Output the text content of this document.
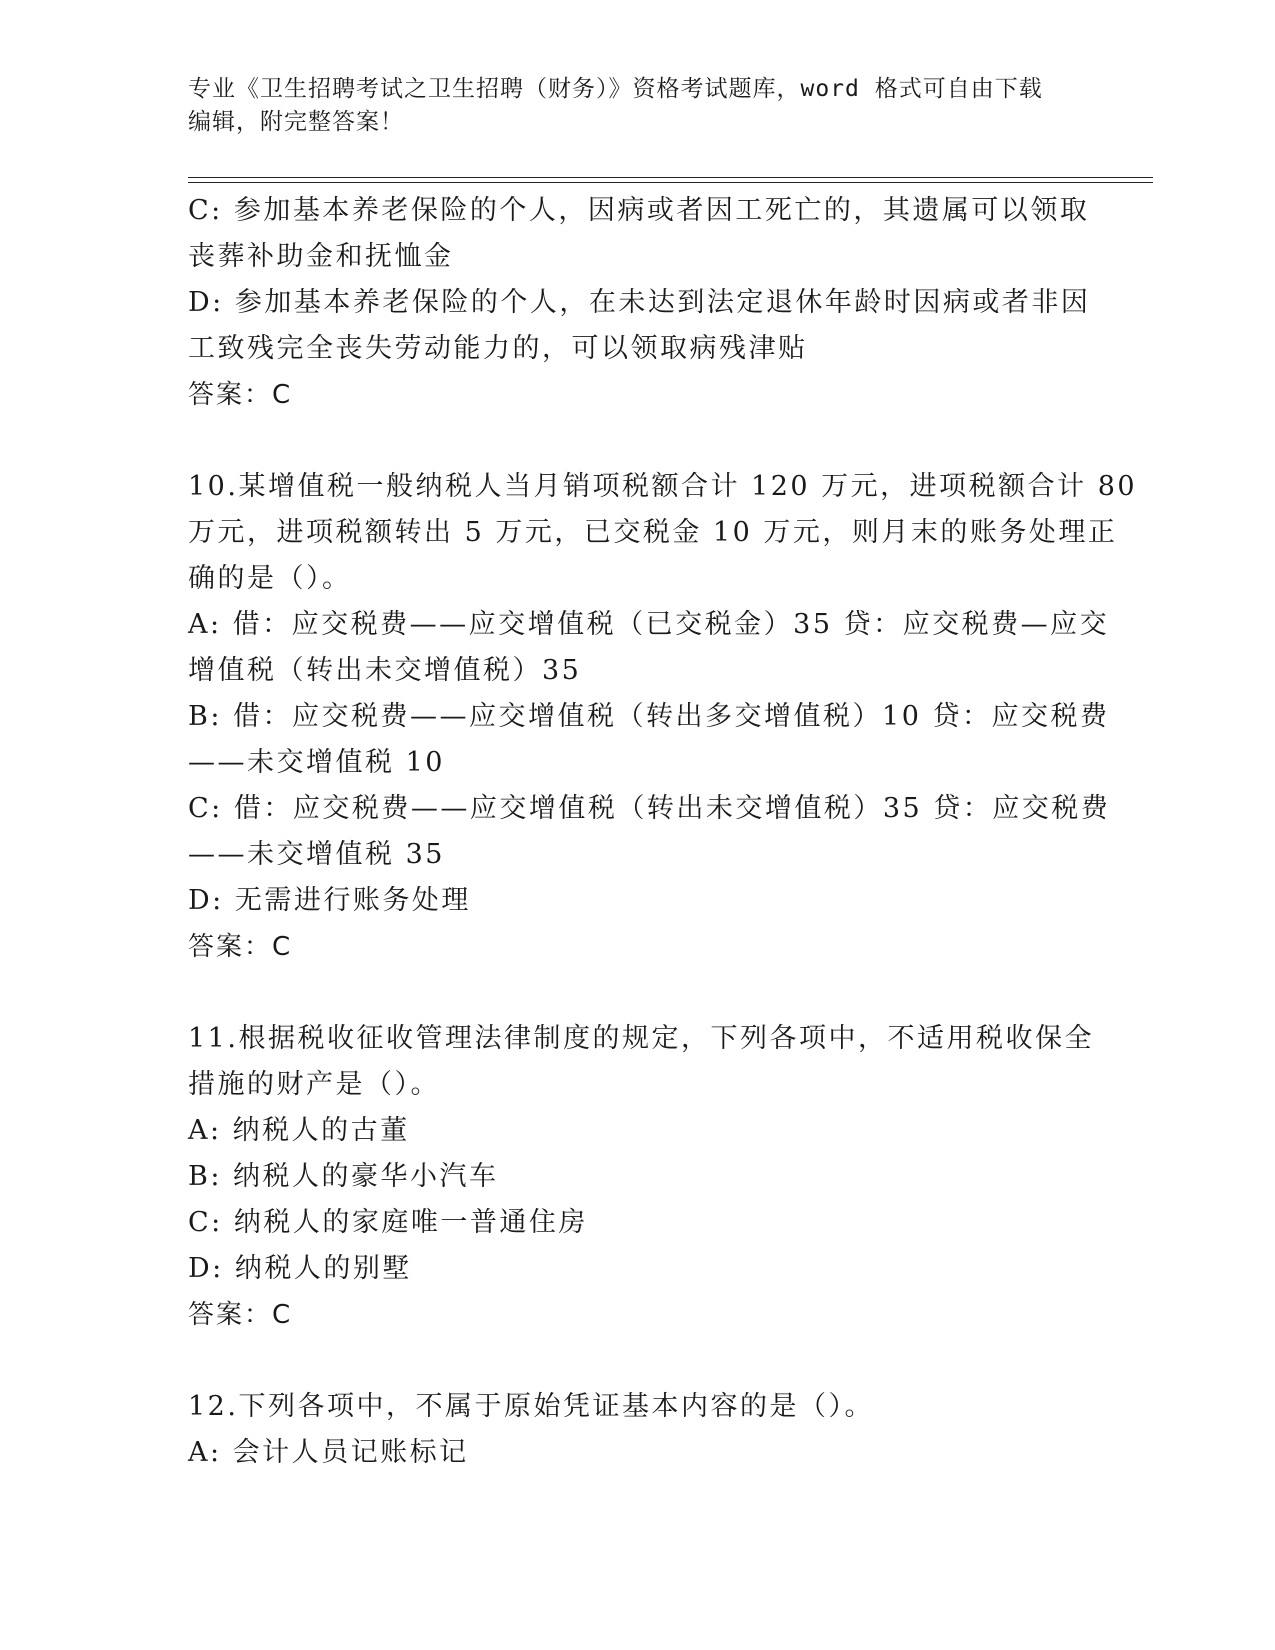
专业《卫生招聘考试之卫生招聘（财务）》资格考试题库，word 格式可自由下载
编辑，附完整答案！
C: 参加基本养老保险的个人，因病或者因工死亡的，其遗属可以领取
丧葬补助金和抚恤金
D: 参加基本养老保险的个人，在未达到法定退休年龄时因病或者非因
工致残完全丧失劳动能力的，可以领取病残津贴
答案：C
10.某增值税一般纳税人当月销项税额合计 120 万元，进项税额合计 80
万元，进项税额转出 5 万元，已交税金 10 万元，则月末的账务处理正
确的是（）。
A: 借：应交税费——应交增值税（已交税金）35 贷：应交税费—应交
增值税（转出未交增值税）35
B: 借：应交税费——应交增值税（转出多交增值税）10 贷：应交税费
——未交增值税 10
C: 借：应交税费——应交增值税（转出未交增值税）35 贷：应交税费
——未交增值税 35
D: 无需进行账务处理
答案：C
11.根据税收征收管理法律制度的规定，下列各项中，不适用税收保全
措施的财产是（）。
A: 纳税人的古董
B: 纳税人的豪华小汽车
C: 纳税人的家庭唯一普通住房
D: 纳税人的别墅
答案：C
12.下列各项中，不属于原始凭证基本内容的是（）。
A: 会计人员记账标记
